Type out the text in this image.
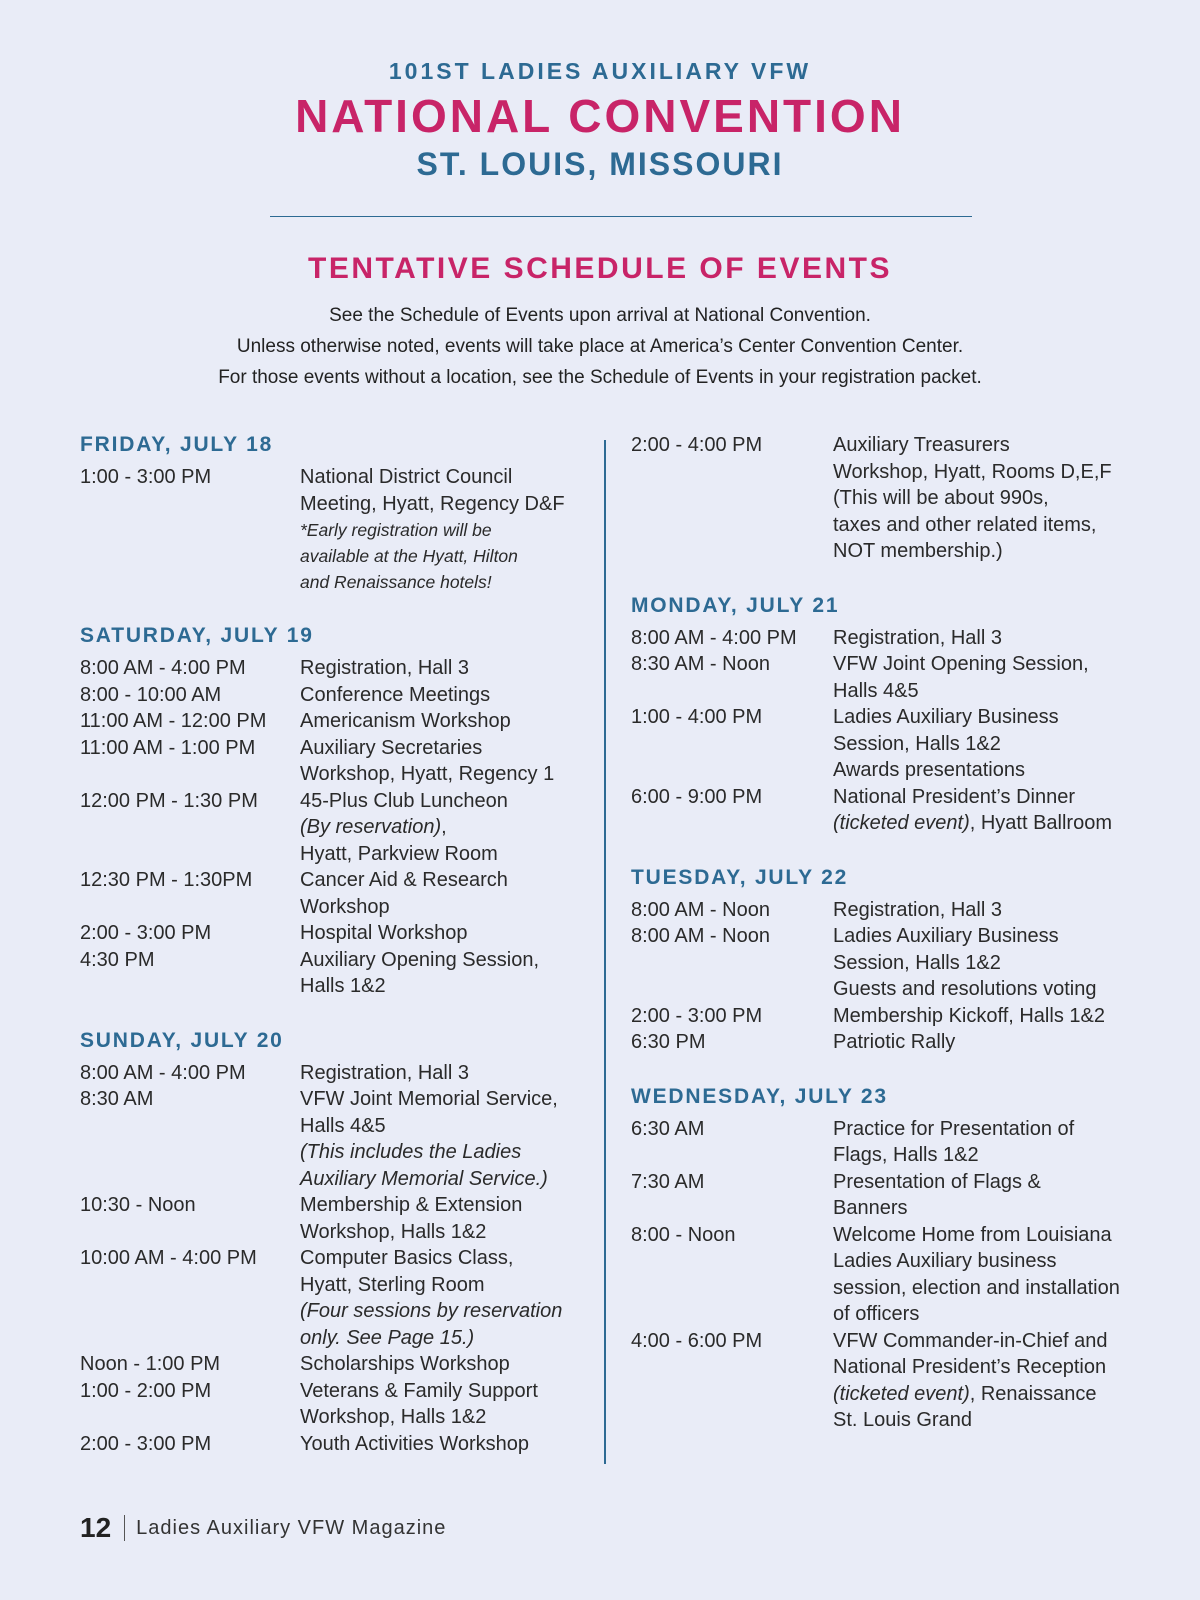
101ST LADIES AUXILIARY VFW
NATIONAL CONVENTION
ST. LOUIS, MISSOURI
TENTATIVE SCHEDULE OF EVENTS

See the Schedule of Events upon arrival at National Convention.

Unless otherwise noted, events will take place at America’s Center Convention Center.

For those events without a location, see the Schedule of Events in your registration packet.

FRIDAY, JULY 18
1:00 - 3:00 PM	National District Council
Meeting, Hyatt, Regency D&F
*Early registration will be
available at the Hyatt, Hilton
and Renaissance hotels!
SATURDAY, JULY 19
8:00 AM - 4:00 PM	Registration, Hall 3
8:00 - 10:00 AM	Conference Meetings
11:00 AM - 12:00 PM	Americanism Workshop
11:00 AM - 1:00 PM	Auxiliary Secretaries
Workshop, Hyatt, Regency 1
12:00 PM - 1:30 PM	45-Plus Club Luncheon
(By reservation),
Hyatt, Parkview Room
12:30 PM - 1:30PM	Cancer Aid & Research
Workshop
2:00 - 3:00 PM	Hospital Workshop
4:30 PM	Auxiliary Opening Session,
Halls 1&2
SUNDAY, JULY 20
8:00 AM - 4:00 PM	Registration, Hall 3
8:30 AM	VFW Joint Memorial Service,
Halls 4&5
(This includes the Ladies
Auxiliary Memorial Service.)
10:30 - Noon	Membership & Extension
Workshop, Halls 1&2
10:00 AM - 4:00 PM	Computer Basics Class,
Hyatt, Sterling Room
(Four sessions by reservation
only. See Page 15.)
Noon - 1:00 PM	Scholarships Workshop
1:00 - 2:00 PM	Veterans & Family Support
Workshop, Halls 1&2
2:00 - 3:00 PM	Youth Activities Workshop
2:00 - 4:00 PM	Auxiliary Treasurers
Workshop, Hyatt, Rooms D,E,F
(This will be about 990s,
taxes and other related items,
NOT membership.)
MONDAY, JULY 21
8:00 AM - 4:00 PM	Registration, Hall 3
8:30 AM - Noon	VFW Joint Opening Session,
Halls 4&5
1:00 - 4:00 PM	Ladies Auxiliary Business
Session, Halls 1&2
Awards presentations
6:00 - 9:00 PM	National President’s Dinner
(ticketed event), Hyatt Ballroom
TUESDAY, JULY 22
8:00 AM - Noon	Registration, Hall 3
8:00 AM - Noon	Ladies Auxiliary Business
Session, Halls 1&2
Guests and resolutions voting
2:00 - 3:00 PM	Membership Kickoff, Halls 1&2
6:30 PM	Patriotic Rally
WEDNESDAY, JULY 23
6:30 AM	Practice for Presentation of
Flags, Halls 1&2
7:30 AM	Presentation of Flags &
Banners
8:00 - Noon	Welcome Home from Louisiana
Ladies Auxiliary business
session, election and installation
of officers
4:00 - 6:00 PM	VFW Commander-in-Chief and
National President’s Reception
(ticketed event), Renaissance
St. Louis Grand
12 Ladies Auxiliary VFW Magazine
